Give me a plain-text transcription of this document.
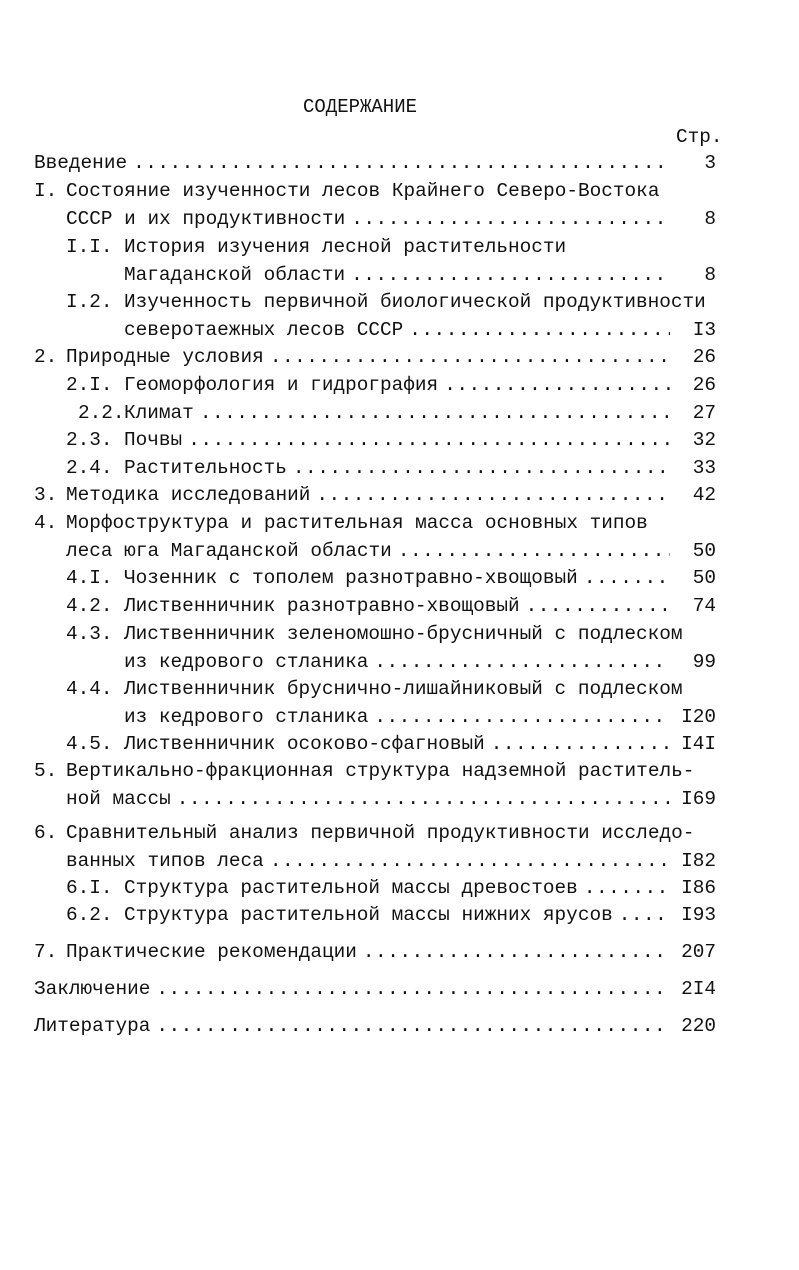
СОДЕРЖАНИЕ
Стр.
Введение .....	3
I. Состояние изученности лесов Крайнего Северо-Востока
СССР и их продуктивности .....	8
I.I. История изучения лесной растительности
Магаданской области .....	8
I.2. Изученность первичной биологической продуктивности
северотаежных лесов СССР .....	I3
2. Природные условия .....	26
2.I. Геоморфология и гидрография .....	26
2.2. Климат .....	27
2.3. Почвы .....	32
2.4. Растительность .....	33
3. Методика исследований .....	42
4. Морфоструктура и растительная масса основных типов
леса юга Магаданской области .....	50
4.I. Чозенник с тополем разнотравно-хвощовый .....	50
4.2. Лиственничник разнотравно-хвощовый .....	74
4.3. Лиственничник зеленомошно-брусничный с подлеском
из кедрового стланика .....	99
4.4. Лиственничник бруснично-лишайниковый с подлеском
из кедрового стланика .....	I20
4.5. Лиственничник осоково-сфагновый .....	I4I
5. Вертикально-фракционная структура надземной раститель-
ной массы .....	I69
6. Сравнительный анализ первичной продуктивности исследо-
ванных типов леса .....	I82
6.I. Структура растительной массы древостоев .....	I86
6.2. Структура растительной массы нижних ярусов .....	I93
7. Практические рекомендации .....	207
Заключение .....	2I4
Литература .....	220
